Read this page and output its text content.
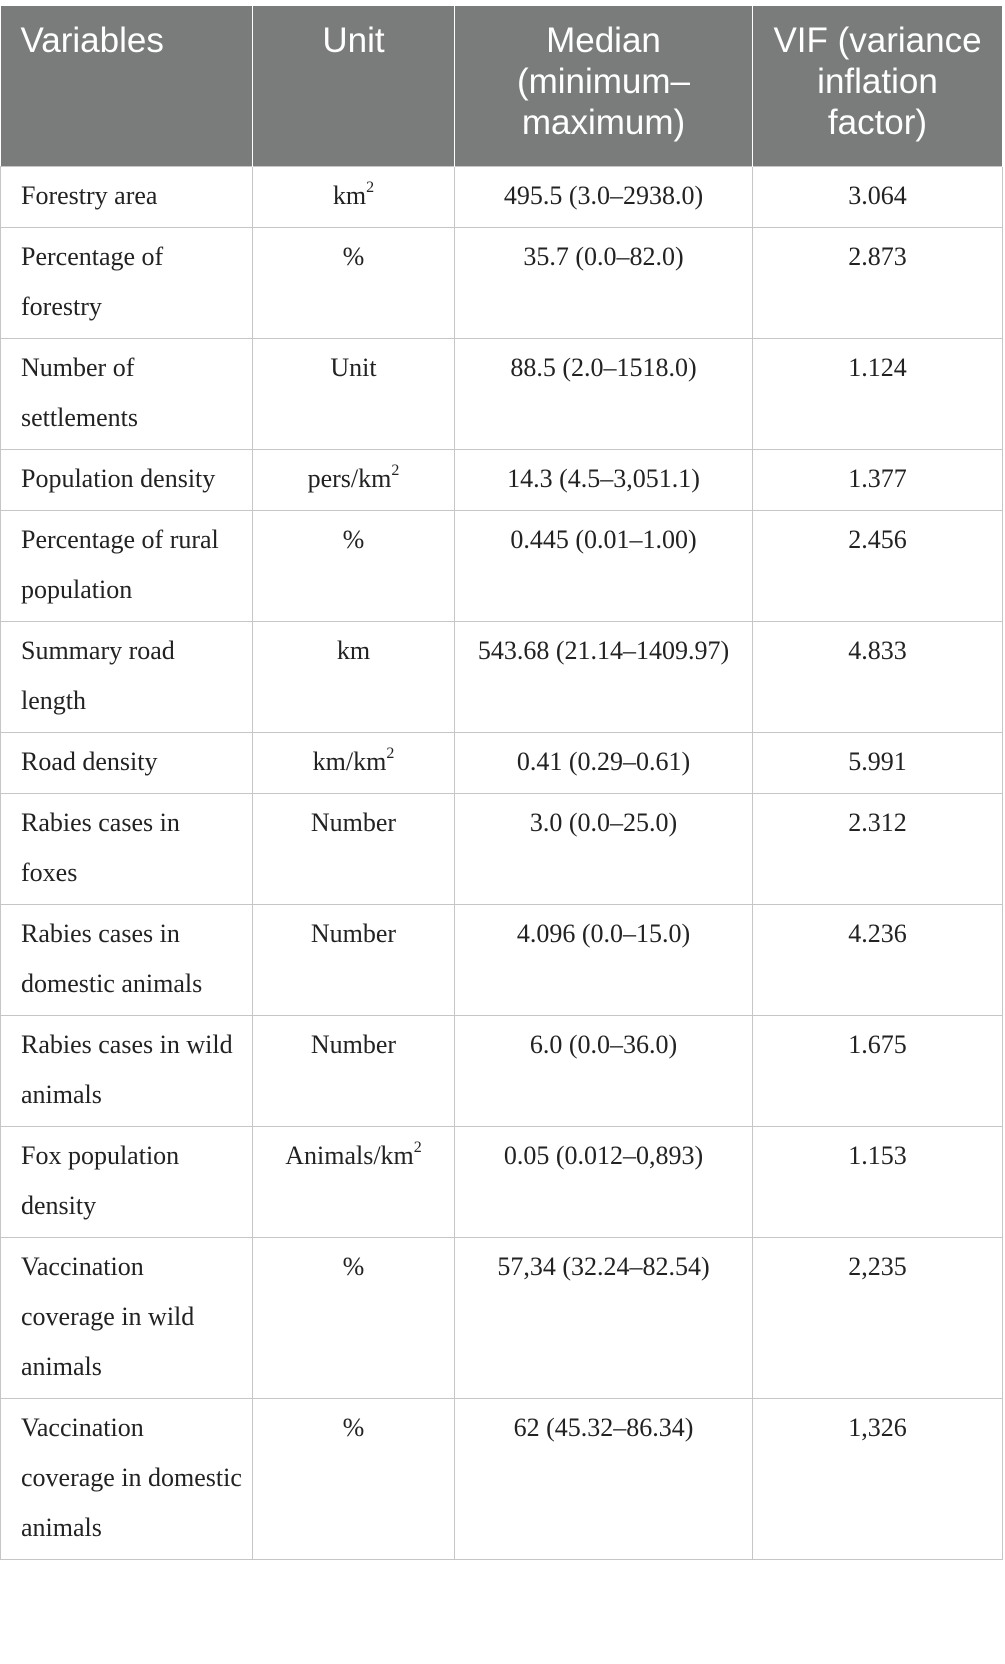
Variables	Unit	Median (minimum–maximum)	VIF (variance inflation factor)
Forestry area	$km^2$	495.5 (3.0–2938.0)	3.064
Percentage of forestry	%	35.7 (0.0–82.0)	2.873
Number of settlements	Unit	88.5 (2.0–1518.0)	1.124
Population density	pers/$km^2$	14.3 (4.5–3,051.1)	1.377
Percentage of rural population	%	0.445 (0.01–1.00)	2.456
Summary road length	km	543.68 (21.14–1409.97)	4.833
Road density	$km/km^2$	0.41 (0.29–0.61)	5.991
Rabies cases in foxes	Number	3.0 (0.0–25.0)	2.312
Rabies cases in domestic animals	Number	4.096 (0.0–15.0)	4.236
Rabies cases in wild animals	Number	6.0 (0.0–36.0)	1.675
Fox population density	Animals/$km^2$	0.05 (0.012–0,893)	1.153
Vaccination coverage in wild animals	%	57,34 (32.24–82.54)	2,235
Vaccination coverage in domestic animals	%	62 (45.32–86.34)	1,326
